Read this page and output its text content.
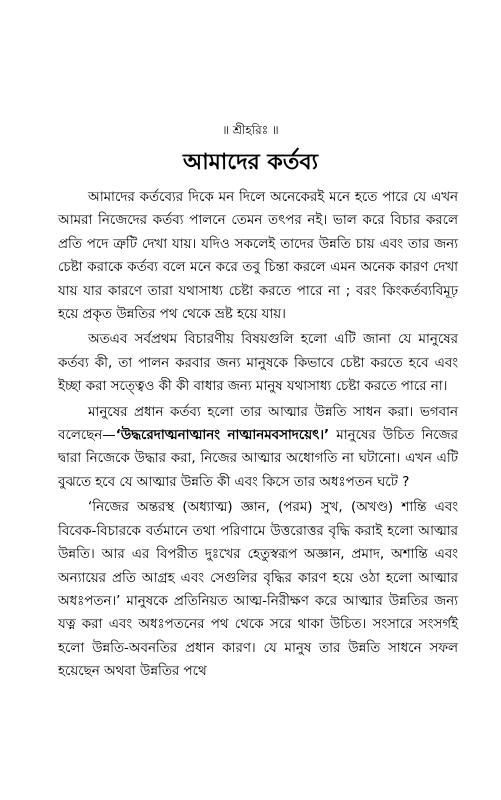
॥ শ্রীহরিঃ ॥
আমাদের কর্তব্য

আমাদের কর্তব্যের দিকে মন দিলে অনেকেরই মনে হতে পারে যে এখন আমরা নিজেদের কর্তব্য পালনে তেমন তৎপর নই। ভাল করে বিচার করলে প্রতি পদে ত্রুটি দেখা যায়। যদিও সকলেই তাদের উন্নতি চায় এবং তার জন্য চেষ্টা করাকে কর্তব্য বলে মনে করে তবু চিন্তা করলে এমন অনেক কারণ দেখা যায় যার কারণে তারা যথাসাধ্য চেষ্টা করতে পারে না ; বরং কিংকর্তব্যবিমূঢ় হয়ে প্রকৃত উন্নতির পথ থেকে ভ্রষ্ট হয়ে যায়।

অতএব সর্বপ্রথম বিচারণীয় বিষয়গুলি হলো এটি জানা যে মানুষের কর্তব্য কী, তা পালন করবার জন্য মানুষকে কিভাবে চেষ্টা করতে হবে এবং ইচ্ছা করা সত্ত্বেও কী কী বাধার জন্য মানুষ যথাসাধ্য চেষ্টা করতে পারে না।

মানুষের প্রধান কর্তব্য হলো তার আত্মার উন্নতি সাধন করা। ভগবান বলেছেন—‘উদ্ধরেদাত্মনাত্মানং নাত্মানমবসাদয়েৎ।’ মানুষের উচিত নিজের দ্বারা নিজেকে উদ্ধার করা, নিজের আত্মার অধোগতি না ঘটানো। এখন এটি বুঝতে হবে যে আত্মার উন্নতি কী এবং কিসে তার অধঃপতন ঘটে ?

‘নিজের অন্তরস্থ (অধ্যাত্ম) জ্ঞান, (পরম) সুখ, (অখণ্ড) শান্তি এবং বিবেক-বিচারকে বর্তমানে তথা পরিণামে উত্তরোত্তর বৃদ্ধি করাই হলো আত্মার উন্নতি। আর এর বিপরীত দুঃখের হেতুস্বরূপ অজ্ঞান, প্রমাদ, অশান্তি এবং অন্যায়ের প্রতি আগ্রহ এবং সেগুলির বৃদ্ধির কারণ হয়ে ওঠা হলো আত্মার অধঃপতন।’ মানুষকে প্রতিনিয়ত আত্ম-নিরীক্ষণ করে আত্মার উন্নতির জন্য যত্ন করা এবং অধঃপতনের পথ থেকে সরে থাকা উচিত। সংসারে সংসর্গই হলো উন্নতি-অবনতির প্রধান কারণ। যে মানুষ তার উন্নতি সাধনে সফল হয়েছেন অথবা উন্নতির পথে
